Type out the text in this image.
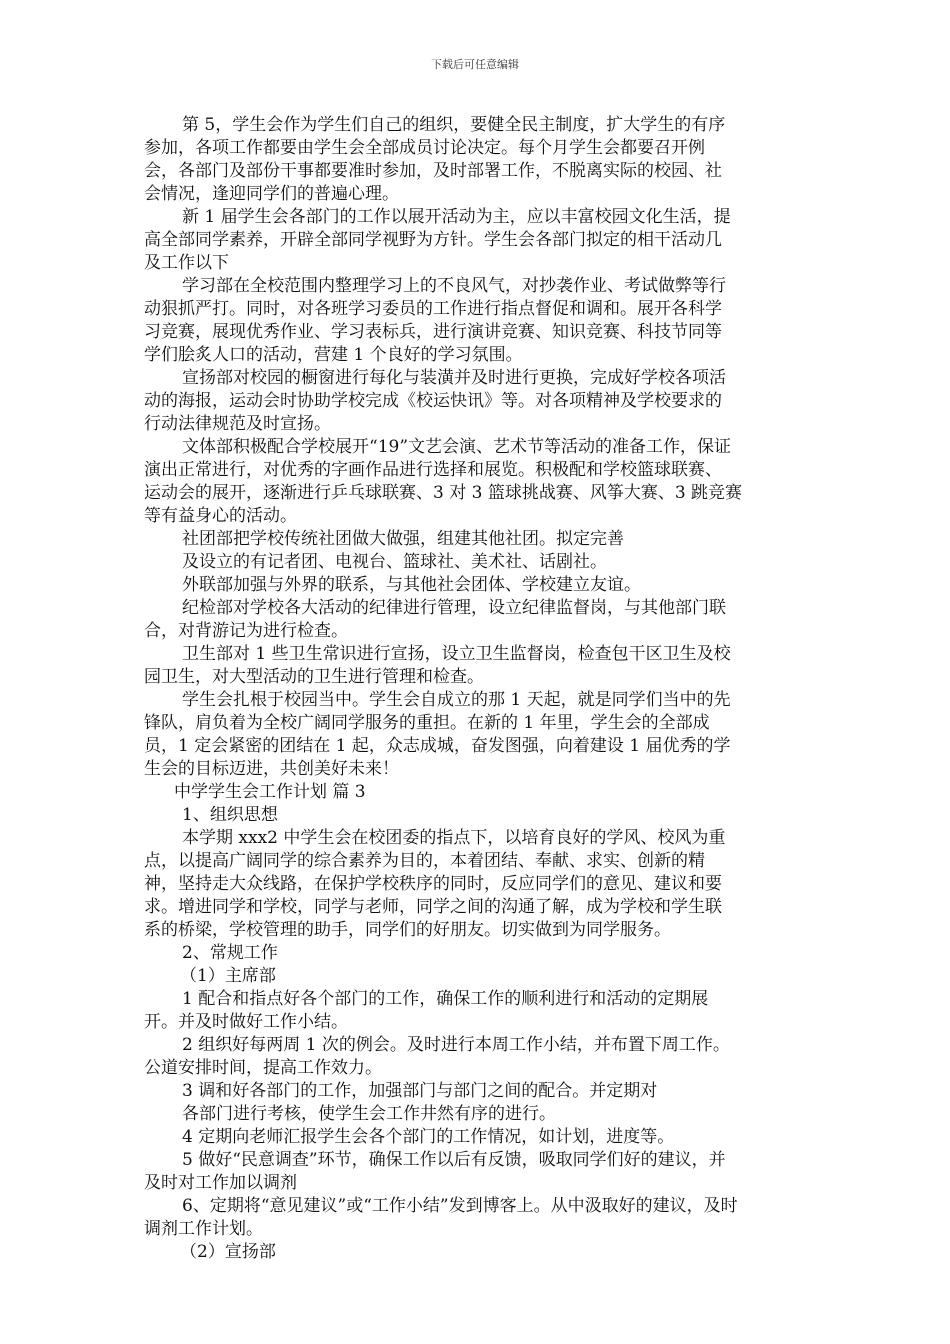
下载后可任意编辑
第 5，学生会作为学生们自己的组织，要健全民主制度，扩大学生的有序
参加，各项工作都要由学生会全部成员讨论决定。每个月学生会都要召开例
会，各部门及部份干事都要准时参加，及时部署工作，不脱离实际的校园、社
会情况，逢迎同学们的普遍心理。
新 1 届学生会各部门的工作以展开活动为主，应以丰富校园文化生活，提
高全部同学素养，开辟全部同学视野为方针。学生会各部门拟定的相干活动几
及工作以下
学习部在全校范围内整理学习上的不良风气，对抄袭作业、考试做弊等行
动狠抓严打。同时，对各班学习委员的工作进行指点督促和调和。展开各科学
习竞赛，展现优秀作业、学习表标兵，进行演讲竞赛、知识竞赛、科技节同等
学们脍炙人口的活动，营建 1 个良好的学习氛围。
宣扬部对校园的橱窗进行每化与装潢并及时进行更换，完成好学校各项活
动的海报，运动会时协助学校完成《校运快讯》等。对各项精神及学校要求的
行动法律规范及时宣扬。
文体部积极配合学校展开“19”文艺会演、艺术节等活动的准备工作，保证
演出正常进行，对优秀的字画作品进行选择和展览。积极配和学校篮球联赛、
运动会的展开，逐渐进行乒乓球联赛、3 对 3 篮球挑战赛、风筝大赛、3 跳竞赛
等有益身心的活动。
社团部把学校传统社团做大做强，组建其他社团。拟定完善
及设立的有记者团、电视台、篮球社、美术社、话剧社。
外联部加强与外界的联系，与其他社会团体、学校建立友谊。
纪检部对学校各大活动的纪律进行管理，设立纪律监督岗，与其他部门联
合，对背游记为进行检查。
卫生部对 1 些卫生常识进行宣扬，设立卫生监督岗，检查包干区卫生及校
园卫生，对大型活动的卫生进行管理和检查。
学生会扎根于校园当中。学生会自成立的那 1 天起，就是同学们当中的先
锋队，肩负着为全校广阔同学服务的重担。在新的 1 年里，学生会的全部成
员，1 定会紧密的团结在 1 起，众志成城，奋发图强，向着建设 1 届优秀的学
生会的目标迈进，共创美好未来！
中学学生会工作计划 篇 3
1、组织思想
本学期 xxx2 中学生会在校团委的指点下，以培育良好的学风、校风为重
点，以提高广阔同学的综合素养为目的，本着团结、奉献、求实、创新的精
神，坚持走大众线路，在保护学校秩序的同时，反应同学们的意见、建议和要
求。增进同学和学校，同学与老师，同学之间的沟通了解，成为学校和学生联
系的桥梁，学校管理的助手，同学们的好朋友。切实做到为同学服务。
2、常规工作
（1）主席部
1 配合和指点好各个部门的工作，确保工作的顺利进行和活动的定期展
开。并及时做好工作小结。
2 组织好每两周 1 次的例会。及时进行本周工作小结，并布置下周工作。
公道安排时间，提高工作效力。
3 调和好各部门的工作，加强部门与部门之间的配合。并定期对
各部门进行考核，使学生会工作井然有序的进行。
4 定期向老师汇报学生会各个部门的工作情况，如计划，进度等。
5 做好“民意调查”环节，确保工作以后有反馈，吸取同学们好的建议，并
及时对工作加以调剂
6、定期将“意见建议”或“工作小结”发到博客上。从中汲取好的建议，及时
调剂工作计划。
（2）宣扬部
